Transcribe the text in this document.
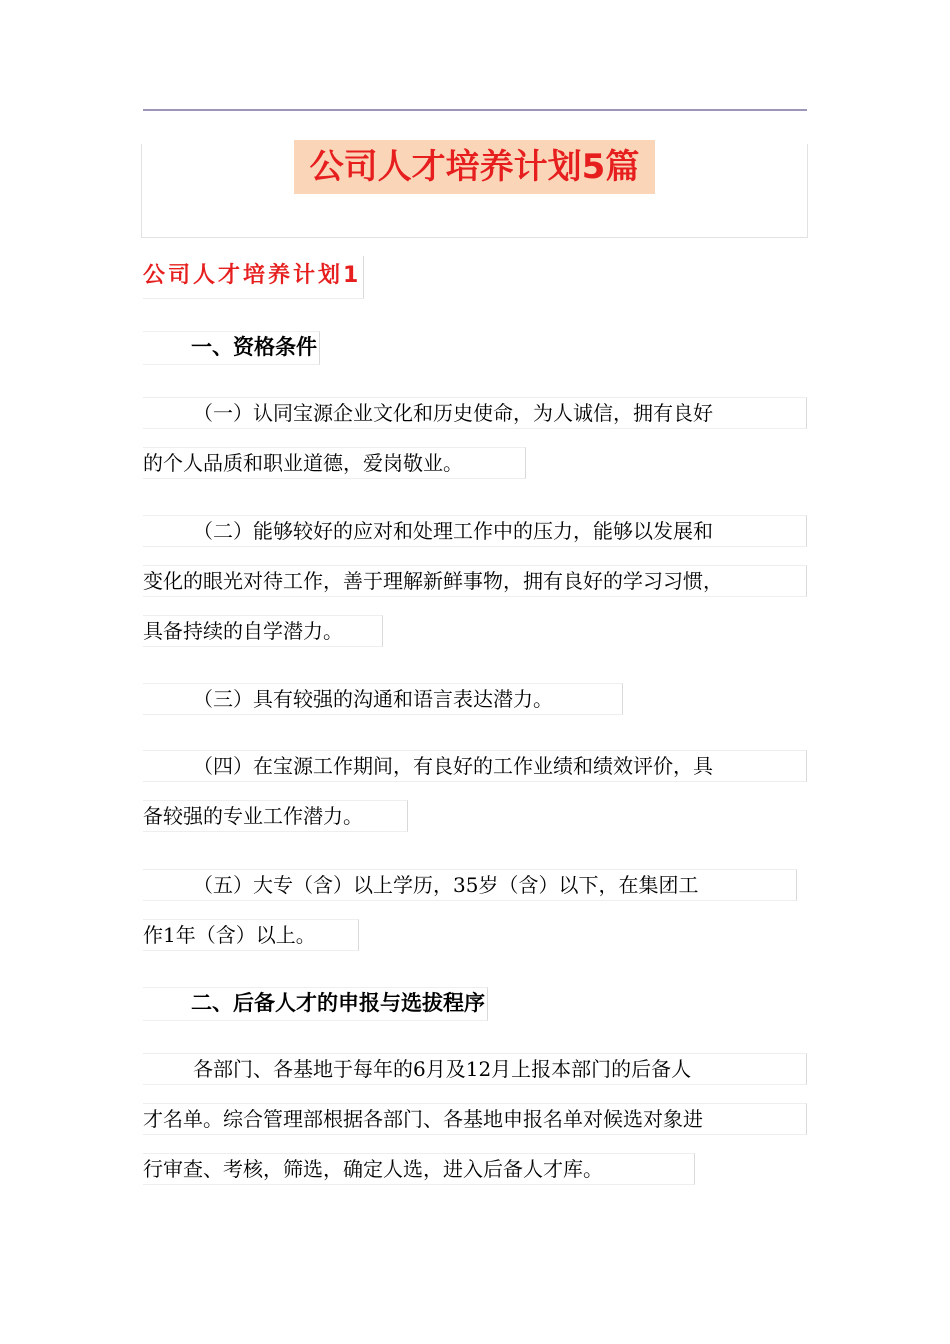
公司人才培养计划5篇
公司人才培养计划1
一、资格条件
（一）认同宝源企业文化和历史使命，为人诚信，拥有良好
的个人品质和职业道德，爱岗敬业。
（二）能够较好的应对和处理工作中的压力，能够以发展和
变化的眼光对待工作，善于理解新鲜事物，拥有良好的学习习惯，
具备持续的自学潜力。
（三）具有较强的沟通和语言表达潜力。
（四）在宝源工作期间，有良好的工作业绩和绩效评价，具
备较强的专业工作潜力。
（五）大专（含）以上学历，35岁（含）以下，在集团工
作1年（含）以上。
二、后备人才的申报与选拔程序
各部门、各基地于每年的6月及12月上报本部门的后备人
才名单。综合管理部根据各部门、各基地申报名单对候选对象进
行审查、考核，筛选，确定人选，进入后备人才库。
